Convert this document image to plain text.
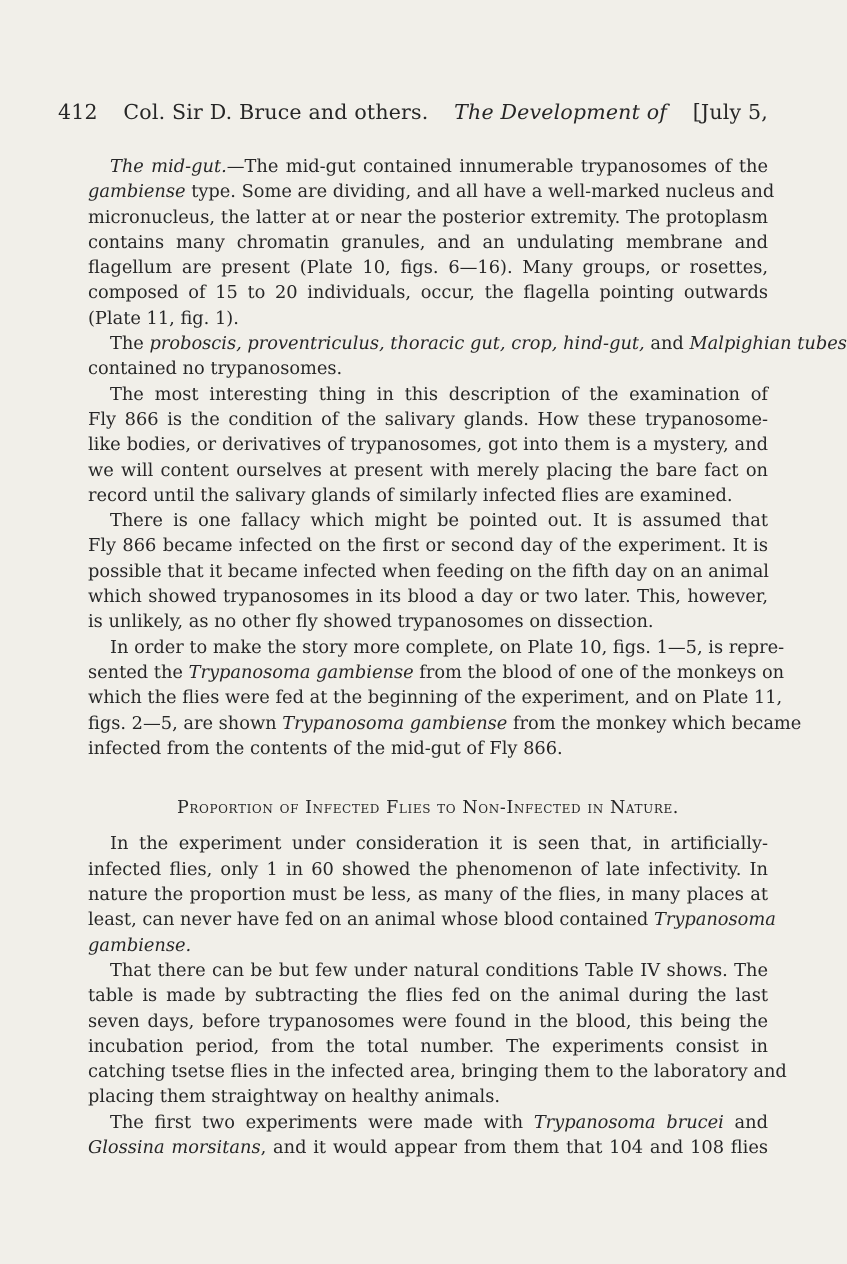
412 Col. Sir D. Bruce and others. The Development of [July 5,

The mid-gut.—The mid-gut contained innumerable trypanosomes of the
gambiense type. Some are dividing, and all have a well-marked nucleus and
micronucleus, the latter at or near the posterior extremity. The protoplasm
contains many chromatin granules, and an undulating membrane and
flagellum are present (Plate 10, figs. 6—16). Many groups, or rosettes,
composed of 15 to 20 individuals, occur, the flagella pointing outwards
(Plate 11, fig. 1).

The proboscis, proventriculus, thoracic gut, crop, hind-gut, and Malpighian tubes
contained no trypanosomes.

The most interesting thing in this description of the examination of
Fly 866 is the condition of the salivary glands. How these trypanosome-
like bodies, or derivatives of trypanosomes, got into them is a mystery, and
we will content ourselves at present with merely placing the bare fact on
record until the salivary glands of similarly infected flies are examined.

There is one fallacy which might be pointed out. It is assumed that
Fly 866 became infected on the first or second day of the experiment. It is
possible that it became infected when feeding on the fifth day on an animal
which showed trypanosomes in its blood a day or two later. This, however,
is unlikely, as no other fly showed trypanosomes on dissection.

In order to make the story more complete, on Plate 10, figs. 1—5, is repre-
sented the Trypanosoma gambiense from the blood of one of the monkeys on
which the flies were fed at the beginning of the experiment, and on Plate 11,
figs. 2—5, are shown Trypanosoma gambiense from the monkey which became
infected from the contents of the mid-gut of Fly 866.

Proportion of Infected Flies to Non-Infected in Nature.

In the experiment under consideration it is seen that, in artificially-
infected flies, only 1 in 60 showed the phenomenon of late infectivity. In
nature the proportion must be less, as many of the flies, in many places at
least, can never have fed on an animal whose blood contained Trypanosoma
gambiense.

That there can be but few under natural conditions Table IV shows. The
table is made by subtracting the flies fed on the animal during the last
seven days, before trypanosomes were found in the blood, this being the
incubation period, from the total number. The experiments consist in
catching tsetse flies in the infected area, bringing them to the laboratory and
placing them straightway on healthy animals.

The first two experiments were made with Trypanosoma brucei and
Glossina morsitans, and it would appear from them that 104 and 108 flies
